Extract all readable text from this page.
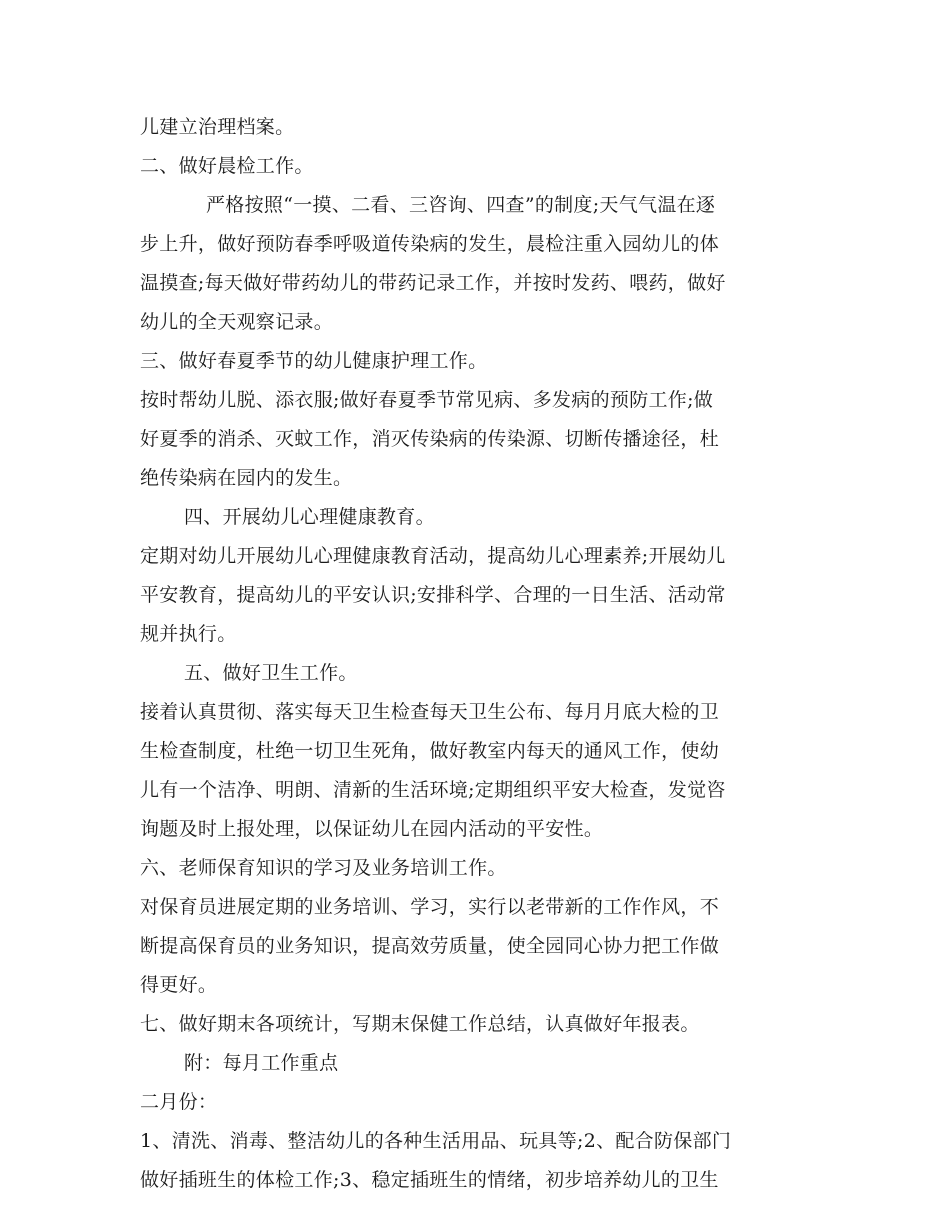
儿建立治理档案。
二、做好晨检工作。
严格按照“一摸、二看、三咨询、四查”的制度;天气气温在逐
步上升，做好预防春季呼吸道传染病的发生，晨检注重入园幼儿的体
温摸查;每天做好带药幼儿的带药记录工作，并按时发药、喂药，做好
幼儿的全天观察记录。
三、做好春夏季节的幼儿健康护理工作。
按时帮幼儿脱、添衣服;做好春夏季节常见病、多发病的预防工作;做
好夏季的消杀、灭蚊工作，消灭传染病的传染源、切断传播途径，杜
绝传染病在园内的发生。
四、开展幼儿心理健康教育。
定期对幼儿开展幼儿心理健康教育活动，提高幼儿心理素养;开展幼儿
平安教育，提高幼儿的平安认识;安排科学、合理的一日生活、活动常
规并执行。
五、做好卫生工作。
接着认真贯彻、落实每天卫生检查每天卫生公布、每月月底大检的卫
生检查制度，杜绝一切卫生死角，做好教室内每天的通风工作，使幼
儿有一个洁净、明朗、清新的生活环境;定期组织平安大检查，发觉咨
询题及时上报处理，以保证幼儿在园内活动的平安性。
六、老师保育知识的学习及业务培训工作。
对保育员进展定期的业务培训、学习，实行以老带新的工作作风，不
断提高保育员的业务知识，提高效劳质量，使全园同心协力把工作做
得更好。
七、做好期末各项统计，写期末保健工作总结，认真做好年报表。
附：每月工作重点
二月份：
1、清洗、消毒、整洁幼儿的各种生活用品、玩具等;2、配合防保部门
做好插班生的体检工作;3、稳定插班生的情绪，初步培养幼儿的卫生
